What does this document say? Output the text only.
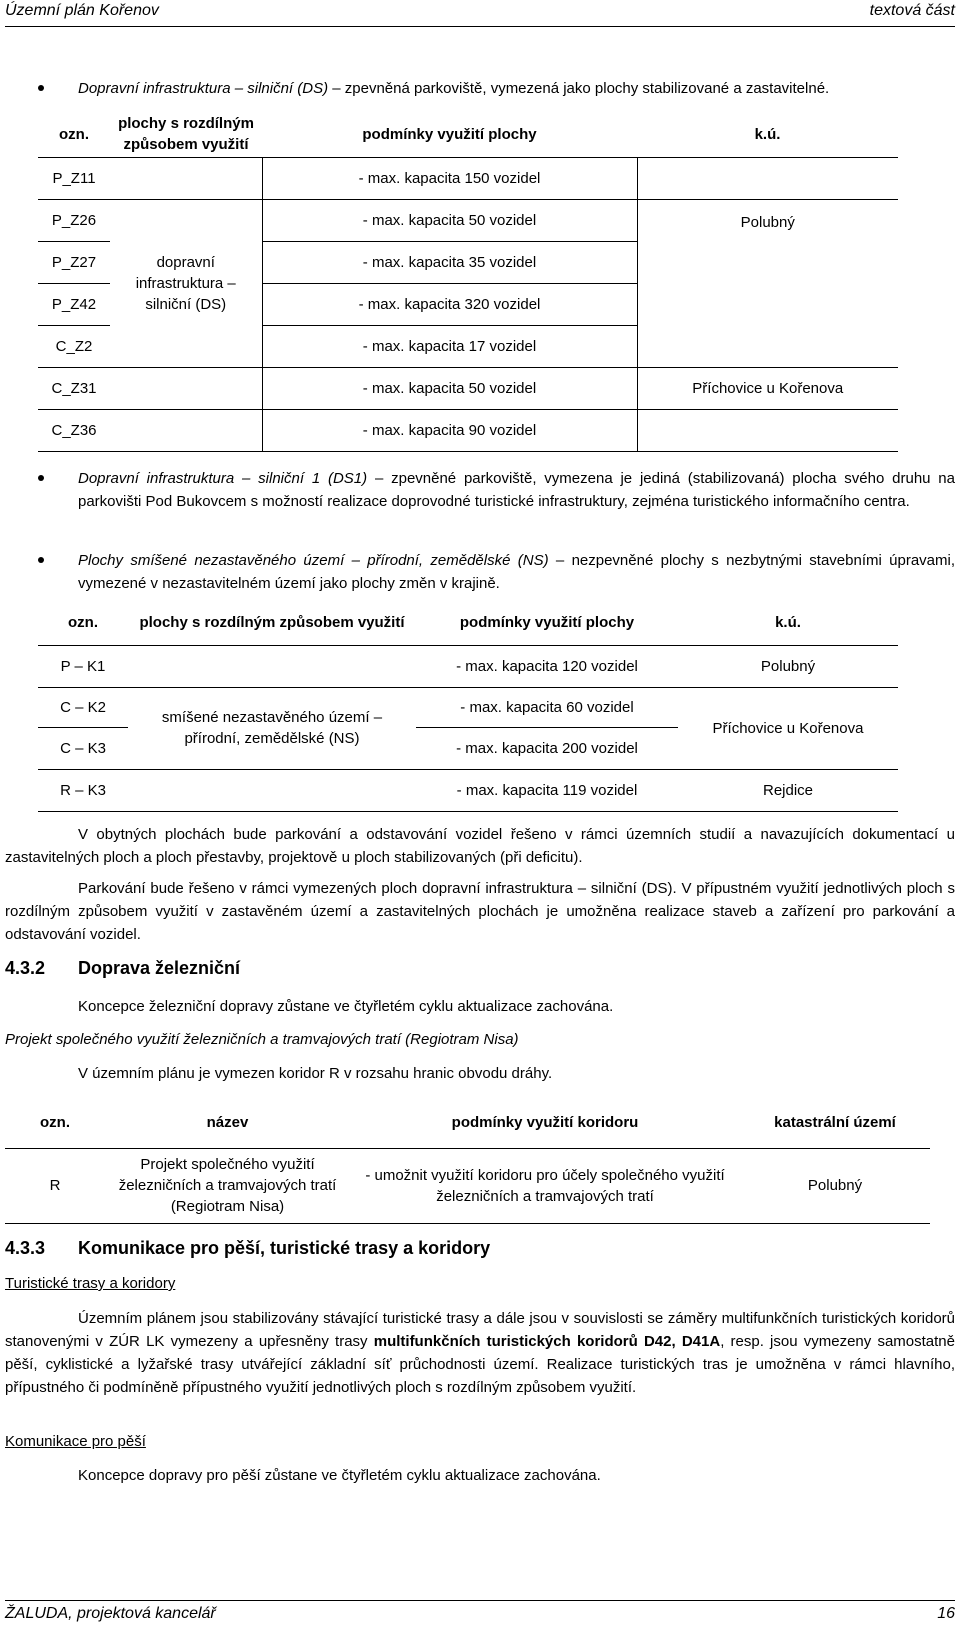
Územní plán Kořenov	textová část
Dopravní infrastruktura – silniční (DS) – zpevněná parkoviště, vymezená jako plochy stabilizované a zastavitelné.
ozn.	plochy s rozdílným způsobem využití	podmínky využití plochy	k.ú.
P_Z11		- max. kapacita 150 vozidel	
P_Z26	dopravní infrastruktura – silniční (DS)	- max. kapacita 50 vozidel	Polubný
P_Z27		- max. kapacita 35 vozidel	
P_Z42		- max. kapacita 320 vozidel	
C_Z2		- max. kapacita 17 vozidel	
C_Z31		- max. kapacita 50 vozidel	Příchovice u Kořenova
C_Z36		- max. kapacita 90 vozidel	
Dopravní infrastruktura – silniční 1 (DS1) – zpevněné parkoviště, vymezena je jediná (stabilizovaná) plocha svého druhu na parkovišti Pod Bukovcem s možností realizace doprovodné turistické infrastruktury, zejména turistického informačního centra.
Plochy smíšené nezastavěného území – přírodní, zemědělské (NS) – nezpevněné plochy s nezbytnými stavebními úpravami, vymezené v nezastavitelném území jako plochy změn v krajině.
ozn.	plochy s rozdílným způsobem využití	podmínky využití plochy	k.ú.
P – K1		- max. kapacita 120 vozidel	Polubný
C – K2	smíšené nezastavěného území – přírodní, zemědělské (NS)	- max. kapacita 60 vozidel	Příchovice u Kořenova
C – K3		- max. kapacita 200 vozidel	
R – K3		- max. kapacita 119 vozidel	Rejdice
V obytných plochách bude parkování a odstavování vozidel řešeno v rámci územních studií a navazujících dokumentací u zastavitelných ploch a ploch přestavby, projektově u ploch stabilizovaných (při deficitu).
Parkování bude řešeno v rámci vymezených ploch dopravní infrastruktura – silniční (DS). V přípustném využití jednotlivých ploch s rozdílným způsobem využití v zastavěném území a zastavitelných plochách je umožněna realizace staveb a zařízení pro parkování a odstavování vozidel.
4.3.2 Doprava železniční
Koncepce železniční dopravy zůstane ve čtyřletém cyklu aktualizace zachována.
Projekt společného využití železničních a tramvajových tratí (Regiotram Nisa)
V územním plánu je vymezen koridor R v rozsahu hranic obvodu dráhy.
ozn.	název	podmínky využití koridoru	katastrální území
R	Projekt společného využití železničních a tramvajových tratí (Regiotram Nisa)	- umožnit využití koridoru pro účely společného využití železničních a tramvajových tratí	Polubný
4.3.3 Komunikace pro pěší, turistické trasy a koridory
Turistické trasy a koridory
Územním plánem jsou stabilizovány stávající turistické trasy a dále jsou v souvislosti se záměry multifunkčních turistických koridorů stanovenými v ZÚR LK vymezeny a upřesněny trasy multifunkčních turistických koridorů D42, D41A, resp. jsou vymezeny samostatně pěší, cyklistické a lyžařské trasy utvářející základní síť průchodnosti území. Realizace turistických tras je umožněna v rámci hlavního, přípustného či podmíněně přípustného využití jednotlivých ploch s rozdílným způsobem využití.
Komunikace pro pěší
Koncepce dopravy pro pěší zůstane ve čtyřletém cyklu aktualizace zachována.
ŽALUDA, projektová kancelář	16
